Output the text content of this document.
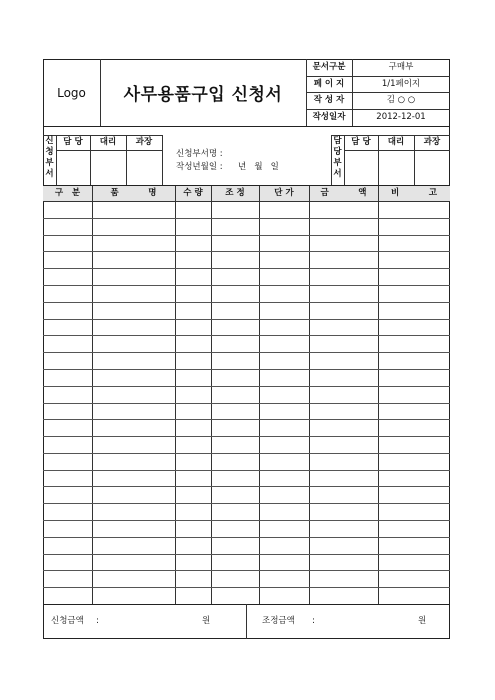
Logo	사무용품구입 신청서
문서구분	구매부
페 이 지	1/1페이지
작 성 자	김 ○ ○
작성일자	2012-12-01
신
청
부
서
담 당	대리	과장
신청부서명 :
작성년월일 : 년   월   일
담
당
부
서
담 당	대리	과장
구   분	품          명	수 량	조 정	단 가	금          액	비          고
신청금액 :	원	조정금액 :	원
